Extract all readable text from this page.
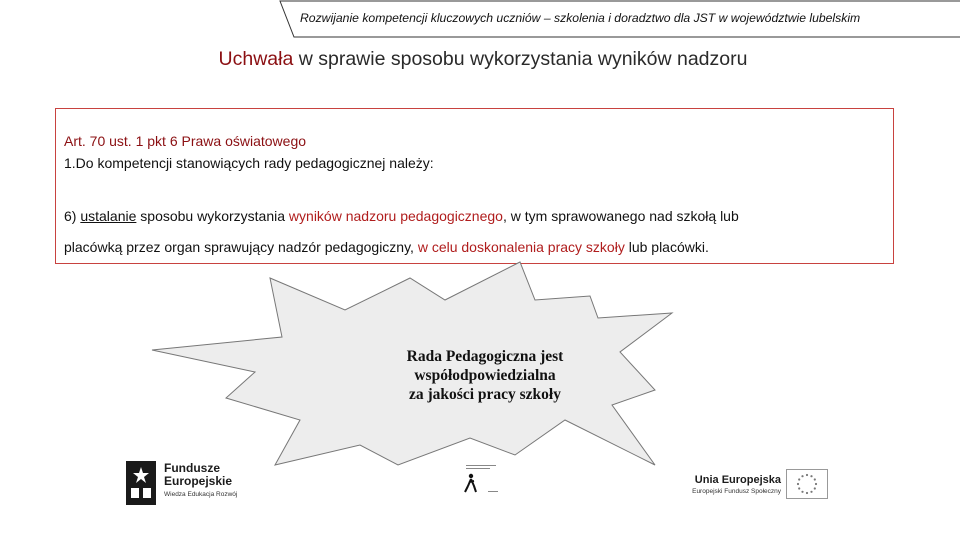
Rozwijanie kompetencji kluczowych uczniów – szkolenia i doradztwo dla JST w województwie lubelskim
Uchwała w sprawie sposobu wykorzystania wyników nadzoru
Art. 70 ust. 1 pkt 6 Prawa oświatowego
1.Do kompetencji stanowiących rady pedagogicznej należy:
6) ustalanie sposobu wykorzystania wyników nadzoru pedagogicznego, w tym sprawowanego nad szkołą lub
placówką przez organ sprawujący nadzór pedagogiczny, w celu doskonalenia pracy szkoły lub placówki.
Rada Pedagogiczna jest
współodpowiedzialna
za jakości pracy szkoły
Fundusze
Europejskie
Wiedza Edukacja Rozwój
Unia Europejska
Europejski Fundusz Społeczny
